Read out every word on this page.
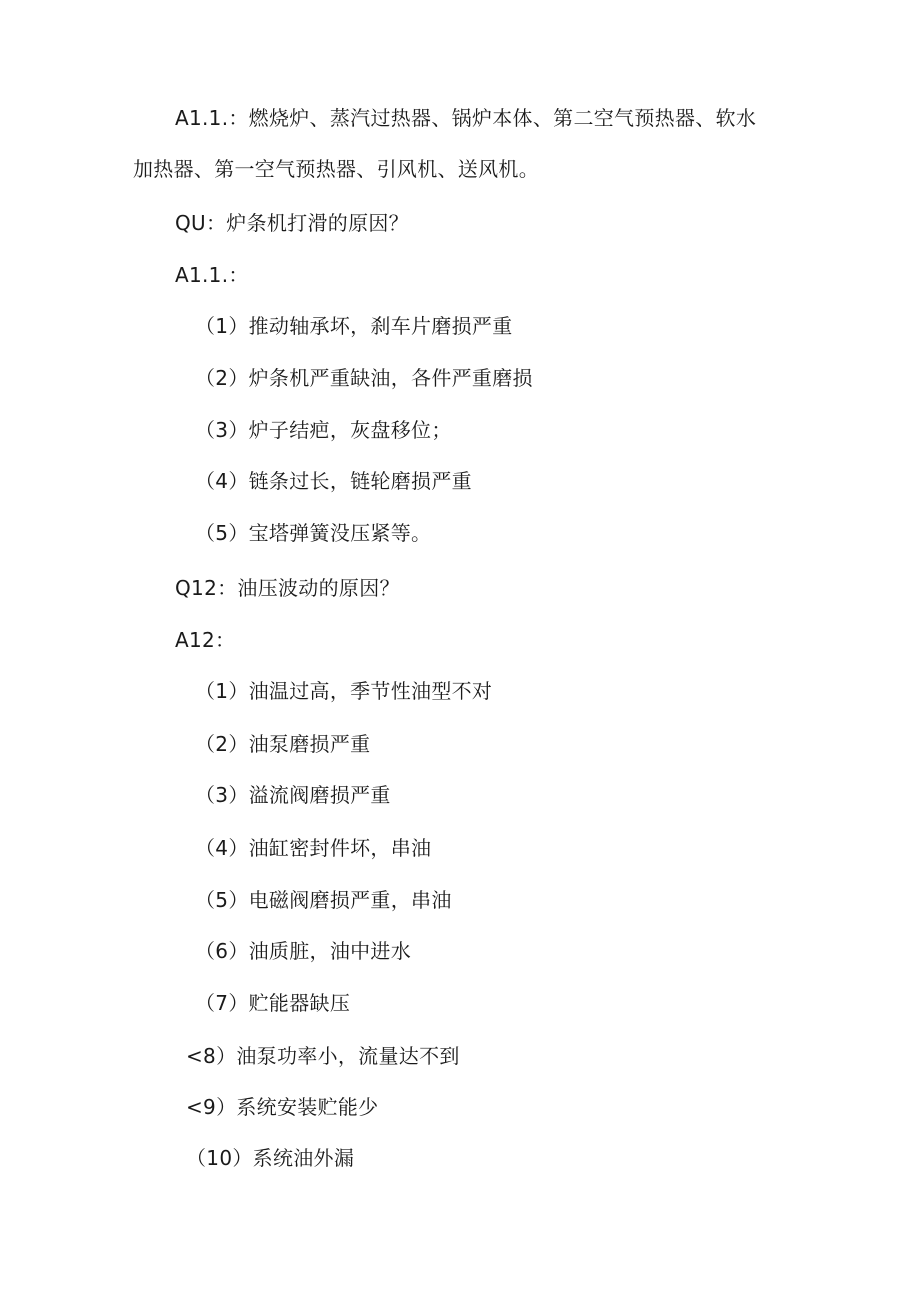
A1.1.：燃烧炉、蒸汽过热器、锅炉本体、第二空气预热器、软水
加热器、第一空气预热器、引风机、送风机。
QU：炉条机打滑的原因？
A1.1.：
（1）推动轴承坏，刹车片磨损严重
（2）炉条机严重缺油，各件严重磨损
（3）炉子结疤，灰盘移位；
（4）链条过长，链轮磨损严重
（5）宝塔弹簧没压紧等。
Q12：油压波动的原因？
A12：
（1）油温过高，季节性油型不对
（2）油泵磨损严重
（3）溢流阀磨损严重
（4）油缸密封件坏，串油
（5）电磁阀磨损严重，串油
（6）油质脏，油中进水
（7）贮能器缺压
<8）油泵功率小，流量达不到
<9）系统安装贮能少
（10）系统油外漏
